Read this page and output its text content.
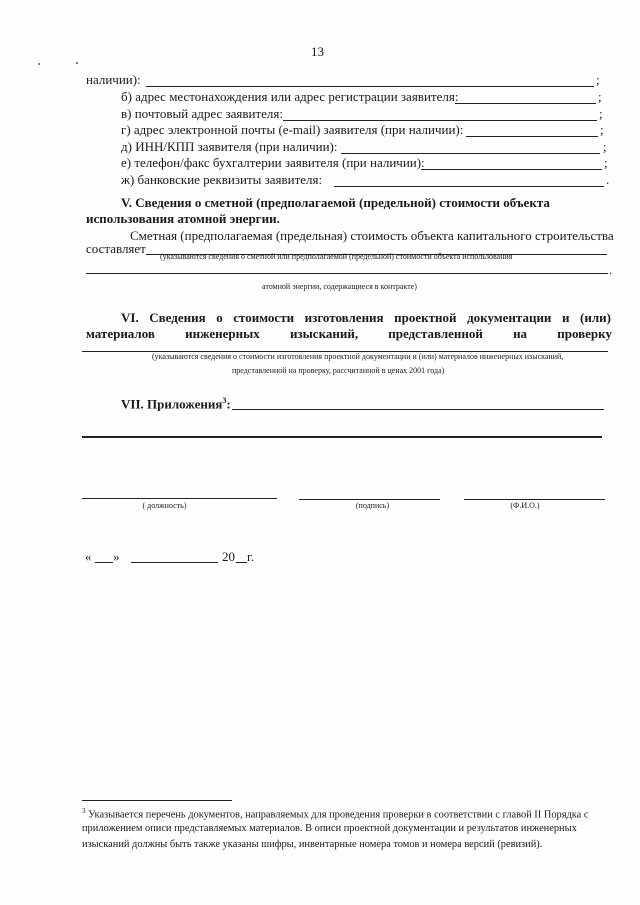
13
наличии):	;
б) адрес местонахождения или адрес регистрации заявителя:	;
в) почтовый адрес заявителя:	;
г) адрес электронной почты (e-mail) заявителя (при наличии):	;
д) ИНН/КПП заявителя (при наличии):	;
е) телефон/факс бухгалтерии заявителя (при наличии):	;
ж) банковские реквизиты заявителя:	.
V. Сведения о сметной (предполагаемой (предельной) стоимости объекта
использования атомной энергии.
Сметная (предполагаемая (предельная) стоимость объекта капитального строительства
составляет
(указываются сведения о сметной или предполагаемой (предельной) стоимости объекта использования
.
атомной энергии, содержащиеся в контракте)
VI. Сведения о стоимости изготовления проектной документации и (или)
материалов инженерных изысканий, представленной на проверку
(указываются сведения о стоимости изготовления проектной документации и (или) материалов инженерных изысканий,
представленной на проверку, рассчитанной в ценах 2001 года)
VII. Приложения$^3$:
( должность)	(подпись)	(Ф.И.О.)
« »	20 г.
$^3$ Указывается перечень документов, направляемых для проведения проверки в соответствии с главой II Порядка с
приложением описи представляемых материалов. В описи проектной документации и результатов инженерных
изысканий должны быть также указаны шифры, инвентарные номера томов и номера версий (ревизий).
